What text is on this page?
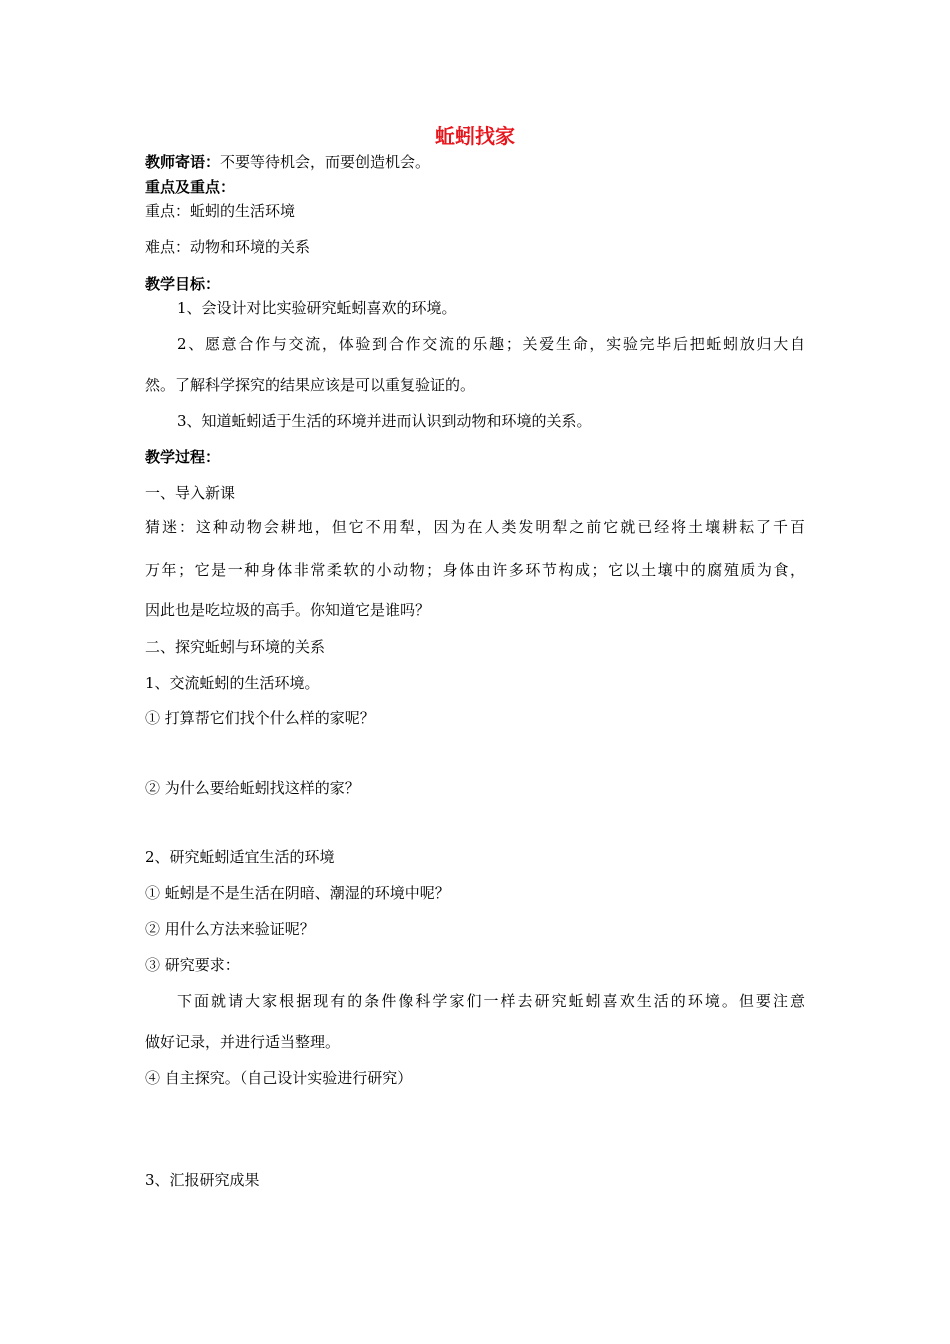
蚯蚓找家
教师寄语：不要等待机会，而要创造机会。
重点及重点：
重点：蚯蚓的生活环境
难点：动物和环境的关系
教学目标：
1、会设计对比实验研究蚯蚓喜欢的环境。
2、愿意合作与交流，体验到合作交流的乐趣；关爱生命，实验完毕后把蚯蚓放归大自
然。了解科学探究的结果应该是可以重复验证的。
3、知道蚯蚓适于生活的环境并进而认识到动物和环境的关系。
教学过程：
一、导入新课
猜迷：这种动物会耕地，但它不用犁，因为在人类发明犁之前它就已经将土壤耕耘了千百
万年；它是一种身体非常柔软的小动物；身体由许多环节构成；它以土壤中的腐殖质为食，
因此也是吃垃圾的高手。你知道它是谁吗？
二、探究蚯蚓与环境的关系
1、交流蚯蚓的生活环境。
① 打算帮它们找个什么样的家呢？
② 为什么要给蚯蚓找这样的家？
2、研究蚯蚓适宜生活的环境
① 蚯蚓是不是生活在阴暗、潮湿的环境中呢？
② 用什么方法来验证呢？
③ 研究要求：
下面就请大家根据现有的条件像科学家们一样去研究蚯蚓喜欢生活的环境。但要注意
做好记录，并进行适当整理。
④ 自主探究。（自己设计实验进行研究）
3、汇报研究成果
